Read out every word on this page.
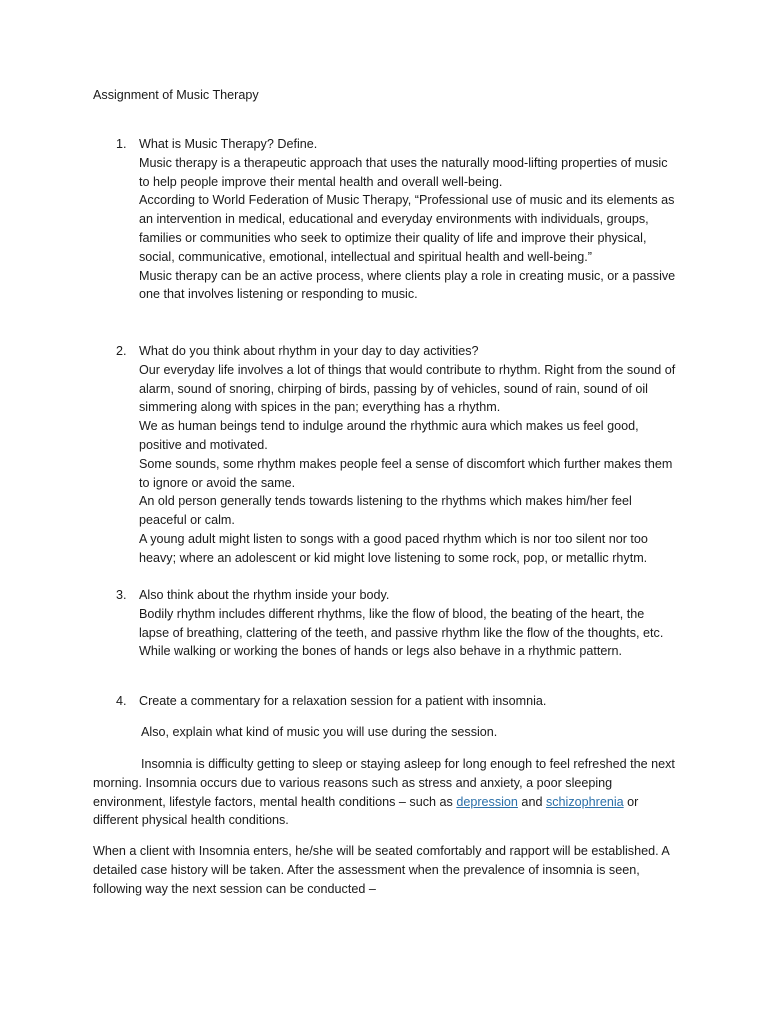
Assignment of Music Therapy
1. What is Music Therapy? Define.

Music therapy is a therapeutic approach that uses the naturally mood-lifting properties of music to help people improve their mental health and overall well-being.

According to World Federation of Music Therapy, “Professional use of music and its elements as an intervention in medical, educational and everyday environments with individuals, groups, families or communities who seek to optimize their quality of life and improve their physical, social, communicative, emotional, intellectual and spiritual health and well-being.”

Music therapy can be an active process, where clients play a role in creating music, or a passive one that involves listening or responding to music.

2. What do you think about rhythm in your day to day activities?

Our everyday life involves a lot of things that would contribute to rhythm. Right from the sound of alarm, sound of snoring, chirping of birds, passing by of vehicles, sound of rain, sound of oil simmering along with spices in the pan; everything has a rhythm.

We as human beings tend to indulge around the rhythmic aura which makes us feel good, positive and motivated.

Some sounds, some rhythm makes people feel a sense of discomfort which further makes them to ignore or avoid the same.

An old person generally tends towards listening to the rhythms which makes him/her feel peaceful or calm.

A young adult might listen to songs with a good paced rhythm which is nor too silent nor too heavy; where an adolescent or kid might love listening to some rock, pop, or metallic rhytm.

3. Also think about the rhythm inside your body.

Bodily rhythm includes different rhythms, like the flow of blood, the beating of the heart, the lapse of breathing, clattering of the teeth, and passive rhythm like the flow of the thoughts, etc.

While walking or working the bones of hands or legs also behave in a rhythmic pattern.

4. Create a commentary for a relaxation session for a patient with insomnia.

Also, explain what kind of music you will use during the session.

Insomnia is difficulty getting to sleep or staying asleep for long enough to feel refreshed the next morning. Insomnia occurs due to various reasons such as stress and anxiety, a poor sleeping environment, lifestyle factors, mental health conditions – such as depression and schizophrenia or different physical health conditions.

When a client with Insomnia enters, he/she will be seated comfortably and rapport will be established. A detailed case history will be taken. After the assessment when the prevalence of insomnia is seen, following way the next session can be conducted –
